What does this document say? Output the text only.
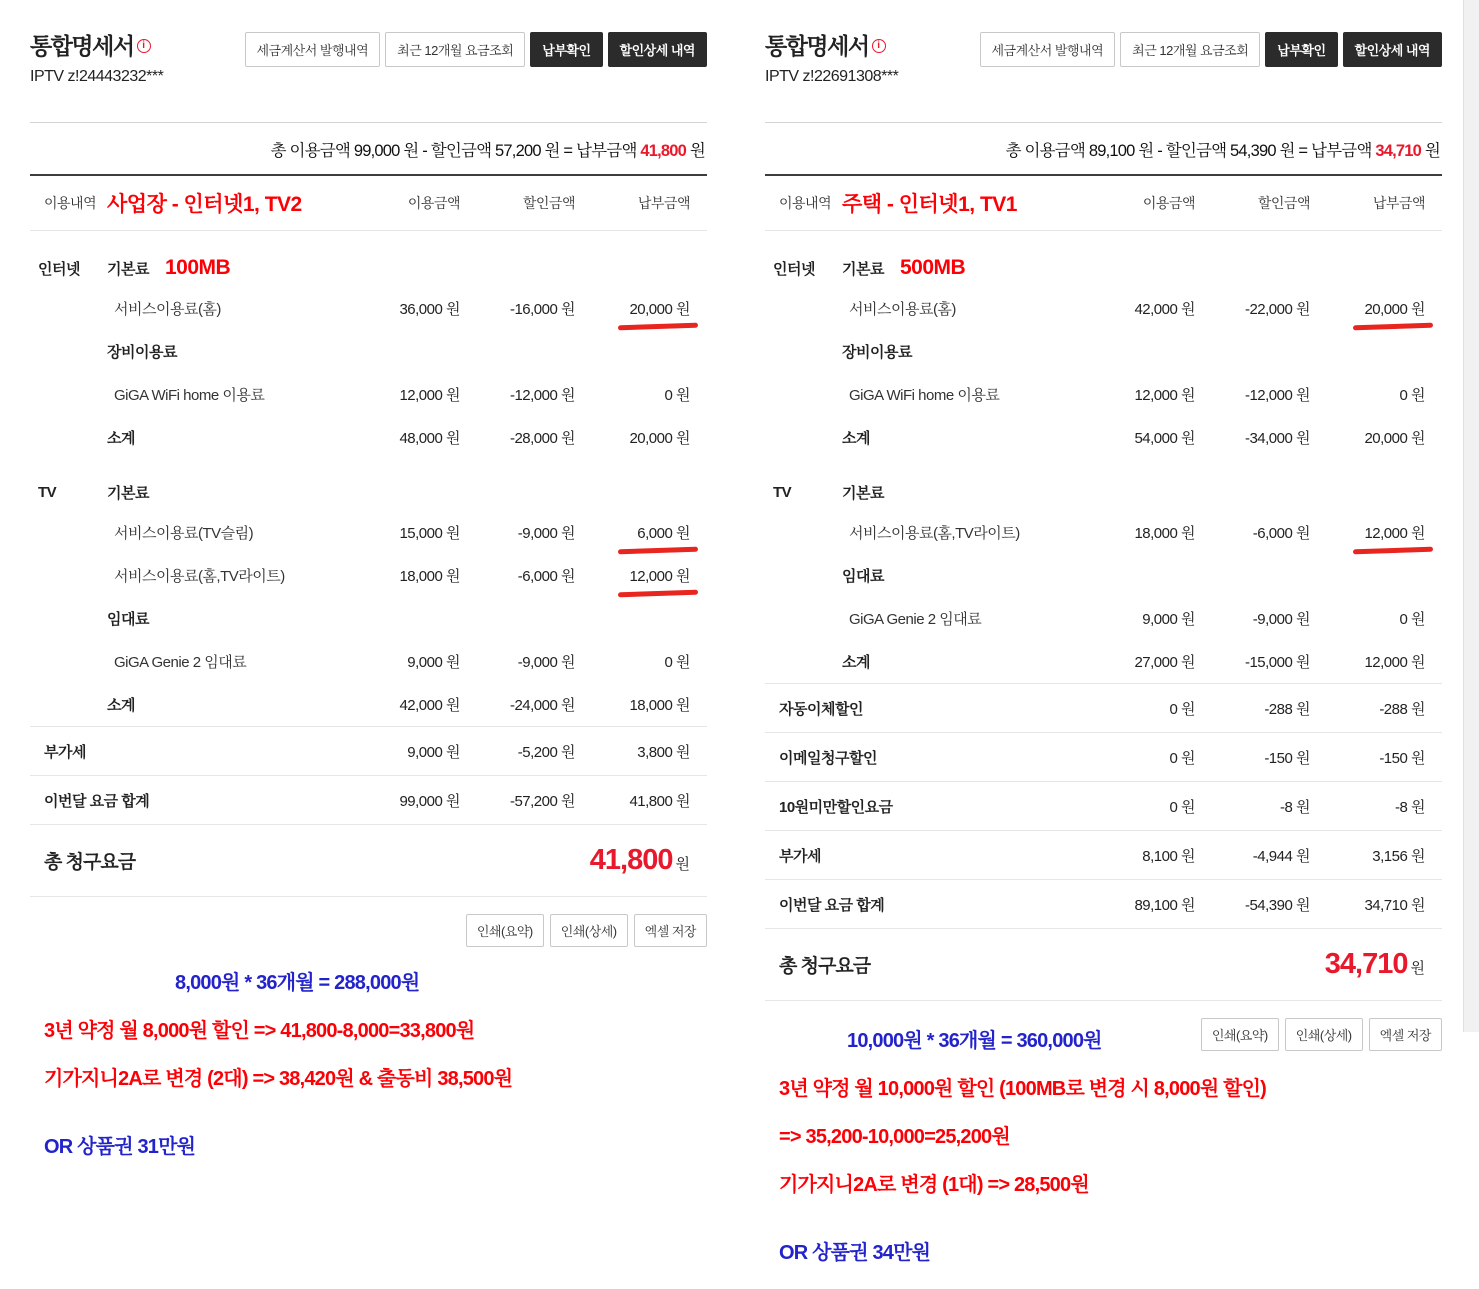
통합명세서 i
IPTV z!24443232***
세금계산서 발행내역	최근 12개월 요금조회	납부확인	할인상세 내역
총 이용금액 99,000 원 - 할인금액 57,200 원 = 납부금액 41,800 원
이용내역 사업장 - 인터넷1, TV2	이용금액	할인금액	납부금액
인터넷	기본료 100MB
서비스이용료(홈)	36,000 원	-16,000 원	20,000 원
장비이용료
GiGA WiFi home 이용료	12,000 원	-12,000 원	0 원
소계	48,000 원	-28,000 원	20,000 원
TV	기본료
서비스이용료(TV슬림)	15,000 원	-9,000 원	6,000 원
서비스이용료(홈,TV라이트)	18,000 원	-6,000 원	12,000 원
임대료
GiGA Genie 2 임대료	9,000 원	-9,000 원	0 원
소계	42,000 원	-24,000 원	18,000 원
부가세	9,000 원	-5,200 원	3,800 원
이번달 요금 합계	99,000 원	-57,200 원	41,800 원
총 청구요금	41,800 원
인쇄(요약)	인쇄(상세)	엑셀 저장
8,000원 * 36개월 = 288,000원
3년 약정 월 8,000원 할인 => 41,800-8,000=33,800원
기가지니2A로 변경 (2대) => 38,420원 & 출동비 38,500원
OR 상품권 31만원
통합명세서 i
IPTV z!22691308***
세금계산서 발행내역	최근 12개월 요금조회	납부확인	할인상세 내역
총 이용금액 89,100 원 - 할인금액 54,390 원 = 납부금액 34,710 원
이용내역 주택 - 인터넷1, TV1	이용금액	할인금액	납부금액
인터넷	기본료 500MB
서비스이용료(홈)	42,000 원	-22,000 원	20,000 원
장비이용료
GiGA WiFi home 이용료	12,000 원	-12,000 원	0 원
소계	54,000 원	-34,000 원	20,000 원
TV	기본료
서비스이용료(홈,TV라이트)	18,000 원	-6,000 원	12,000 원
임대료
GiGA Genie 2 임대료	9,000 원	-9,000 원	0 원
소계	27,000 원	-15,000 원	12,000 원
자동이체할인	0 원	-288 원	-288 원
이메일청구할인	0 원	-150 원	-150 원
10원미만할인요금	0 원	-8 원	-8 원
부가세	8,100 원	-4,944 원	3,156 원
이번달 요금 합계	89,100 원	-54,390 원	34,710 원
총 청구요금	34,710 원
10,000원 * 36개월 = 360,000원	인쇄(요약)	인쇄(상세)	엑셀 저장
3년 약정 월 10,000원 할인 (100MB로 변경 시 8,000원 할인)
=> 35,200-10,000=25,200원
기가지니2A로 변경 (1대) => 28,500원
OR 상품권 34만원
